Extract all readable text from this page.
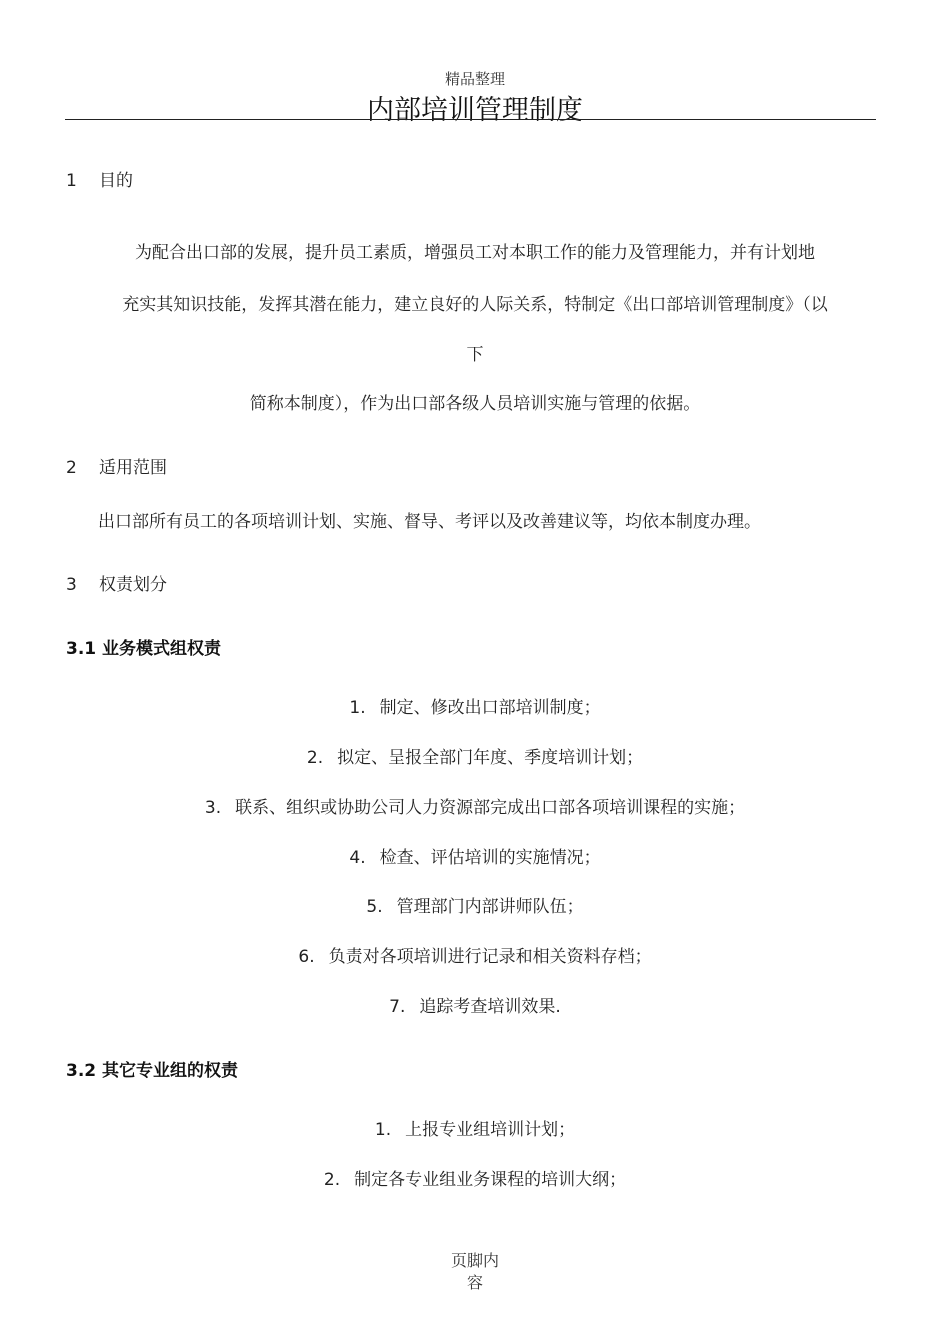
精品整理
内部培训管理制度
1 目的
为配合出口部的发展，提升员工素质，增强员工对本职工作的能力及管理能力，并有计划地
充实其知识技能，发挥其潜在能力，建立良好的人际关系，特制定《出口部培训管理制度》（以
下
简称本制度），作为出口部各级人员培训实施与管理的依据。
2 适用范围
出口部所有员工的各项培训计划、实施、督导、考评以及改善建议等，均依本制度办理。
3 权责划分
3.1 业务模式组权责
1. 制定、修改出口部培训制度；
2. 拟定、呈报全部门年度、季度培训计划；
3. 联系、组织或协助公司人力资源部完成出口部各项培训课程的实施；
4. 检查、评估培训的实施情况；
5. 管理部门内部讲师队伍；
6. 负责对各项培训进行记录和相关资料存档；
7. 追踪考查培训效果.
3.2 其它专业组的权责
1. 上报专业组培训计划；
2. 制定各专业组业务课程的培训大纲；
页脚内
容
